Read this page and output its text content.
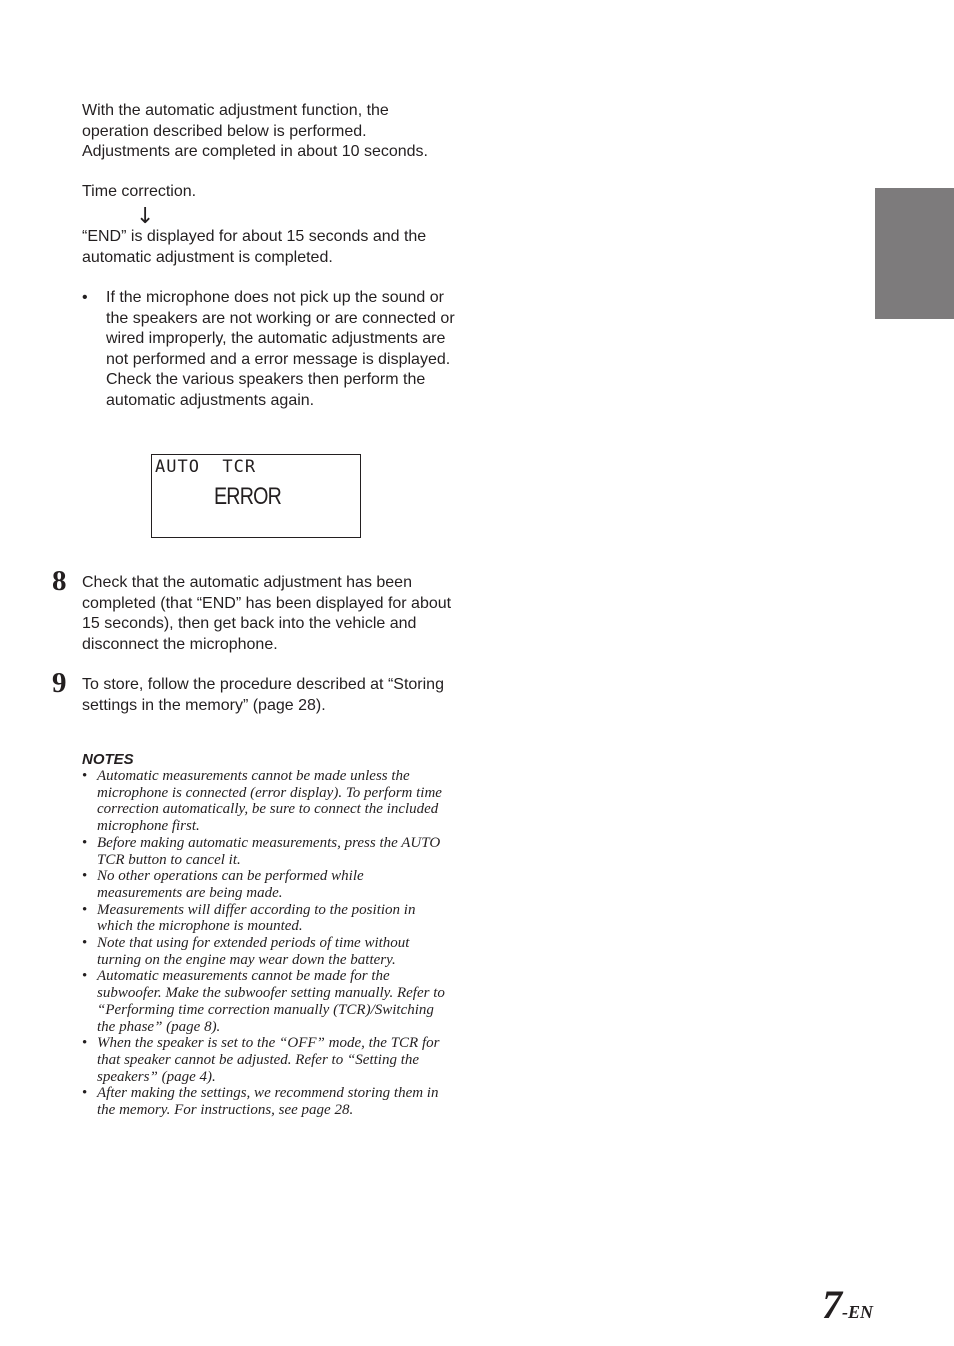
With the automatic adjustment function, the

operation described below is performed.

Adjustments are completed in about 10 seconds.

Time correction.
↓
“END” is displayed for about 15 seconds and the automatic adjustment is completed.
• If the microphone does not pick up the sound or the speakers are not working or are connected or wired improperly, the automatic adjustments are not performed and a error message is displayed.
Check the various speakers then perform the automatic adjustments again.
AUTO  TCR
ERROR
8 Check that the automatic adjustment has been completed (that “END” has been displayed for about 15 seconds), then get back into the vehicle and disconnect the microphone.
9 To store, follow the procedure described at “Storing settings in the memory” (page 28).
NOTES
• Automatic measurements cannot be made unless the microphone is connected (error display). To perform time correction automatically, be sure to connect the included microphone first.
• Before making automatic measurements, press the AUTO TCR button to cancel it.
• No other operations can be performed while measurements are being made.
• Measurements will differ according to the position in which the microphone is mounted.
• Note that using for extended periods of time without turning on the engine may wear down the battery.
• Automatic measurements cannot be made for the subwoofer. Make the subwoofer setting manually. Refer to “Performing time correction manually (TCR)/Switching the phase” (page 8).
• When the speaker is set to the “OFF” mode, the TCR for that speaker cannot be adjusted. Refer to “Setting the speakers” (page 4).
• After making the settings, we recommend storing them in the memory. For instructions, see page 28.
7-EN
